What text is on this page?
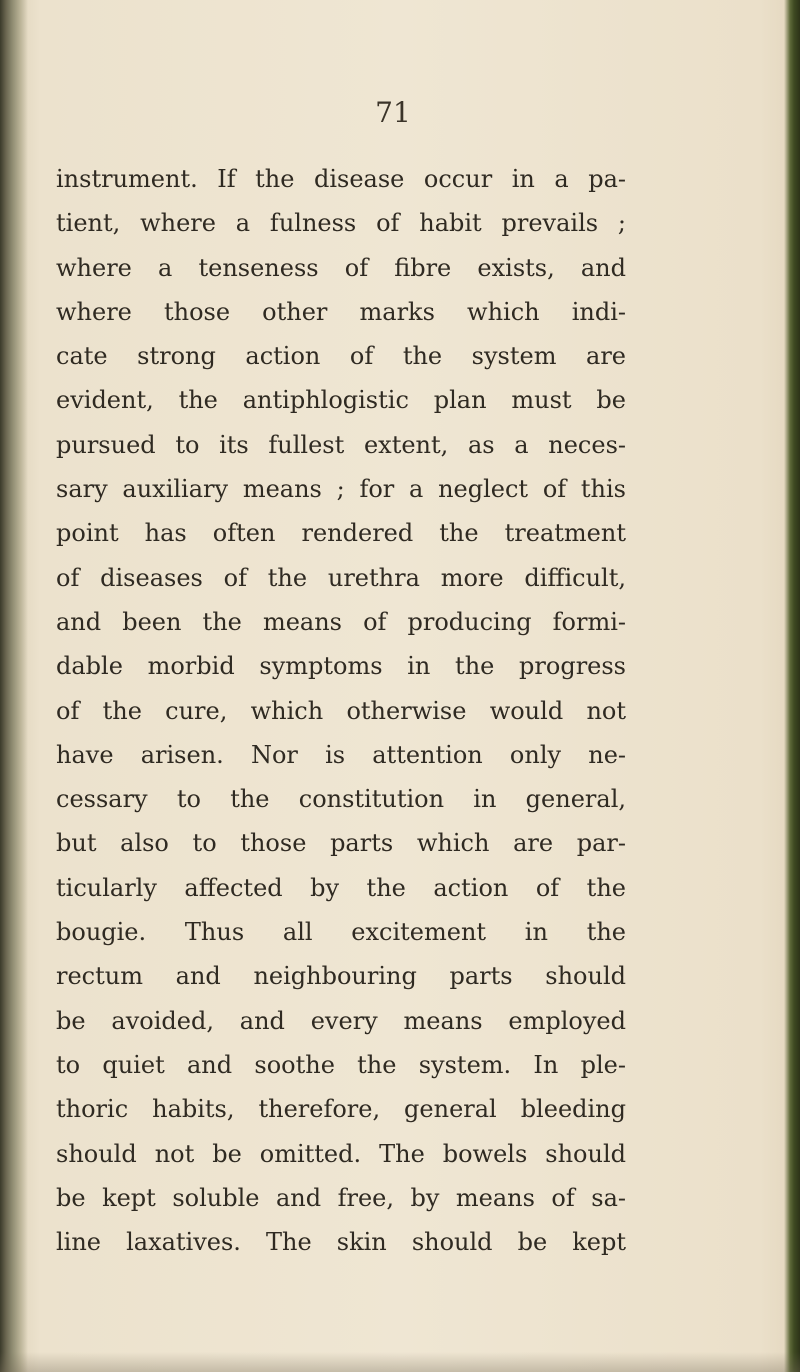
71
instrument. If the disease occur in a pa-
tient, where a fulness of habit prevails ;
where a tenseness of fibre exists, and
where those other marks which indi-
cate strong action of the system are
evident, the antiphlogistic plan must be
pursued to its fullest extent, as a neces-
sary auxiliary means ; for a neglect of this
point has often rendered the treatment
of diseases of the urethra more difficult,
and been the means of producing formi-
dable morbid symptoms in the progress
of the cure, which otherwise would not
have arisen. Nor is attention only ne-
cessary to the constitution in general,
but also to those parts which are par-
ticularly affected by the action of the
bougie. Thus all excitement in the
rectum and neighbouring parts should
be avoided, and every means employed
to quiet and soothe the system. In ple-
thoric habits, therefore, general bleeding
should not be omitted. The bowels should
be kept soluble and free, by means of sa-
line laxatives. The skin should be kept
